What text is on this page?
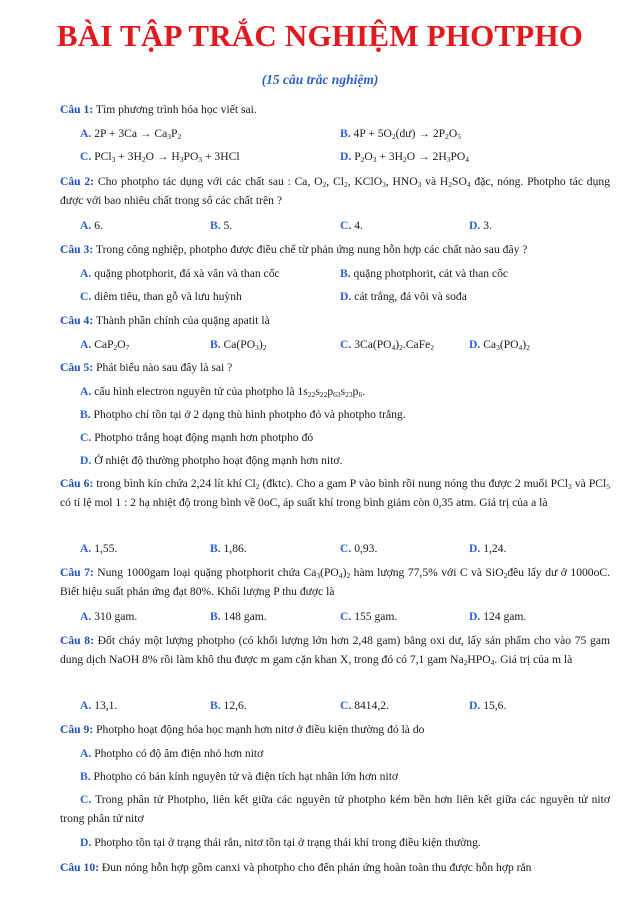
BÀI TẬP TRẮC NGHIỆM PHOTPHO
(15 câu trắc nghiệm)
Câu 1: Tìm phương trình hóa học viết sai.
A. $2P + 3Ca \to Ca_3P_2$	B. $4P + 5O_2(dư) \to 2P_2O_5$
C. $PCl_3 + 3H_2O \to H_3PO_3 + 3HCl$	D. $P_2O_3 + 3H_2O \to 2H_3PO_4$
Câu 2: Cho photpho tác dụng với các chất sau : Ca, $O_2$, $Cl_2$, KClO$_3$, $HNO_3$ và $H_2SO_4$ đặc, nóng. Photpho tác dụng được với bao nhiêu chất trong số các chất trên ?
A. 6.	B. 5.	C. 4.	D. 3.
Câu 3: Trong công nghiệp, photpho được điều chế từ phản ứng nung hỗn hợp các chất nào sau đây ?
A. quặng photphorit, đá xà vân và than cốc	B. quặng photphorit, cát và than cốc
C. diêm tiêu, than gỗ và lưu huỳnh	D. cát trắng, đá vôi và sođa
Câu 4: Thành phần chính của quặng apatit là
A. $CaP_2O_7$	B. $Ca(PO_3)_2$	C. $3Ca(PO_4)_2.CaFe_2$	D. $Ca_3(PO_4)_2$
Câu 5: Phát biểu nào sau đây là sai ?
A. cấu hình electron nguyên tử của photpho là $1s_{22}s_{22}p_{63}s_{23}p_6$.
B. Photpho chỉ tồn tại ở 2 dạng thù hình photpho đỏ và photpho trắng.
C. Photpho trắng hoạt động mạnh hơn photpho đỏ
D. Ở nhiệt độ thường photpho hoạt động mạnh hơn nitơ.
Câu 6: trong bình kín chứa 2,24 lít khí $Cl_2$ (đktc). Cho a gam P vào bình rồi nung nóng thu được 2 muối PCl$_3$ và PCl$_5$ có tỉ lệ mol 1 : 2 hạ nhiệt độ trong bình về 0oC, áp suất khí trong bình giảm còn 0,35 atm. Giá trị của a là
A. 1,55.	B. 1,86.	C. 0,93.	D. 1,24.
Câu 7: Nung 1000gam loại quặng photphorit chứa $Ca_3(PO_4)_2$ hàm lượng 77,5% với C và SiO$_2$đều lấy dư ở 1000oC. Biết hiệu suất phản ứng đạt 80%. Khối lượng P thu được là
A. 310 gam.	B. 148 gam.	C. 155 gam.	D. 124 gam.
Câu 8: Đốt cháy một lượng photpho (có khối lượng lớn hơn 2,48 gam) bằng oxi dư, lấy sản phẩm cho vào 75 gam dung dịch NaOH 8% rồi làm khô thu được m gam cặn khan X, trong đó có 7,1 gam $Na_2HPO_4$. Giá trị của m là
A. 13,1.	B. 12,6.	C. 8414,2.	D. 15,6.
Câu 9: Photpho hoạt động hóa học mạnh hơn nitơ ở điều kiện thường đó là do
A. Photpho có độ âm điện nhỏ hơn nitơ
B. Photpho có bán kính nguyên tử và điện tích hạt nhân lớn hơn nitơ
C. Trong phân tử Photpho, liên kết giữa các nguyên tử photpho kém bền hơn liên kết giữa các nguyên tử nitơ trong phân tử nitơ
D. Photpho tồn tại ở trạng thái rắn, nitơ tồn tại ở trạng thái khí trong điều kiện thường.
Câu 10: Đun nóng hỗn hợp gồm canxi và photpho cho đến phản ứng hoàn toàn thu được hỗn hợp rắn
